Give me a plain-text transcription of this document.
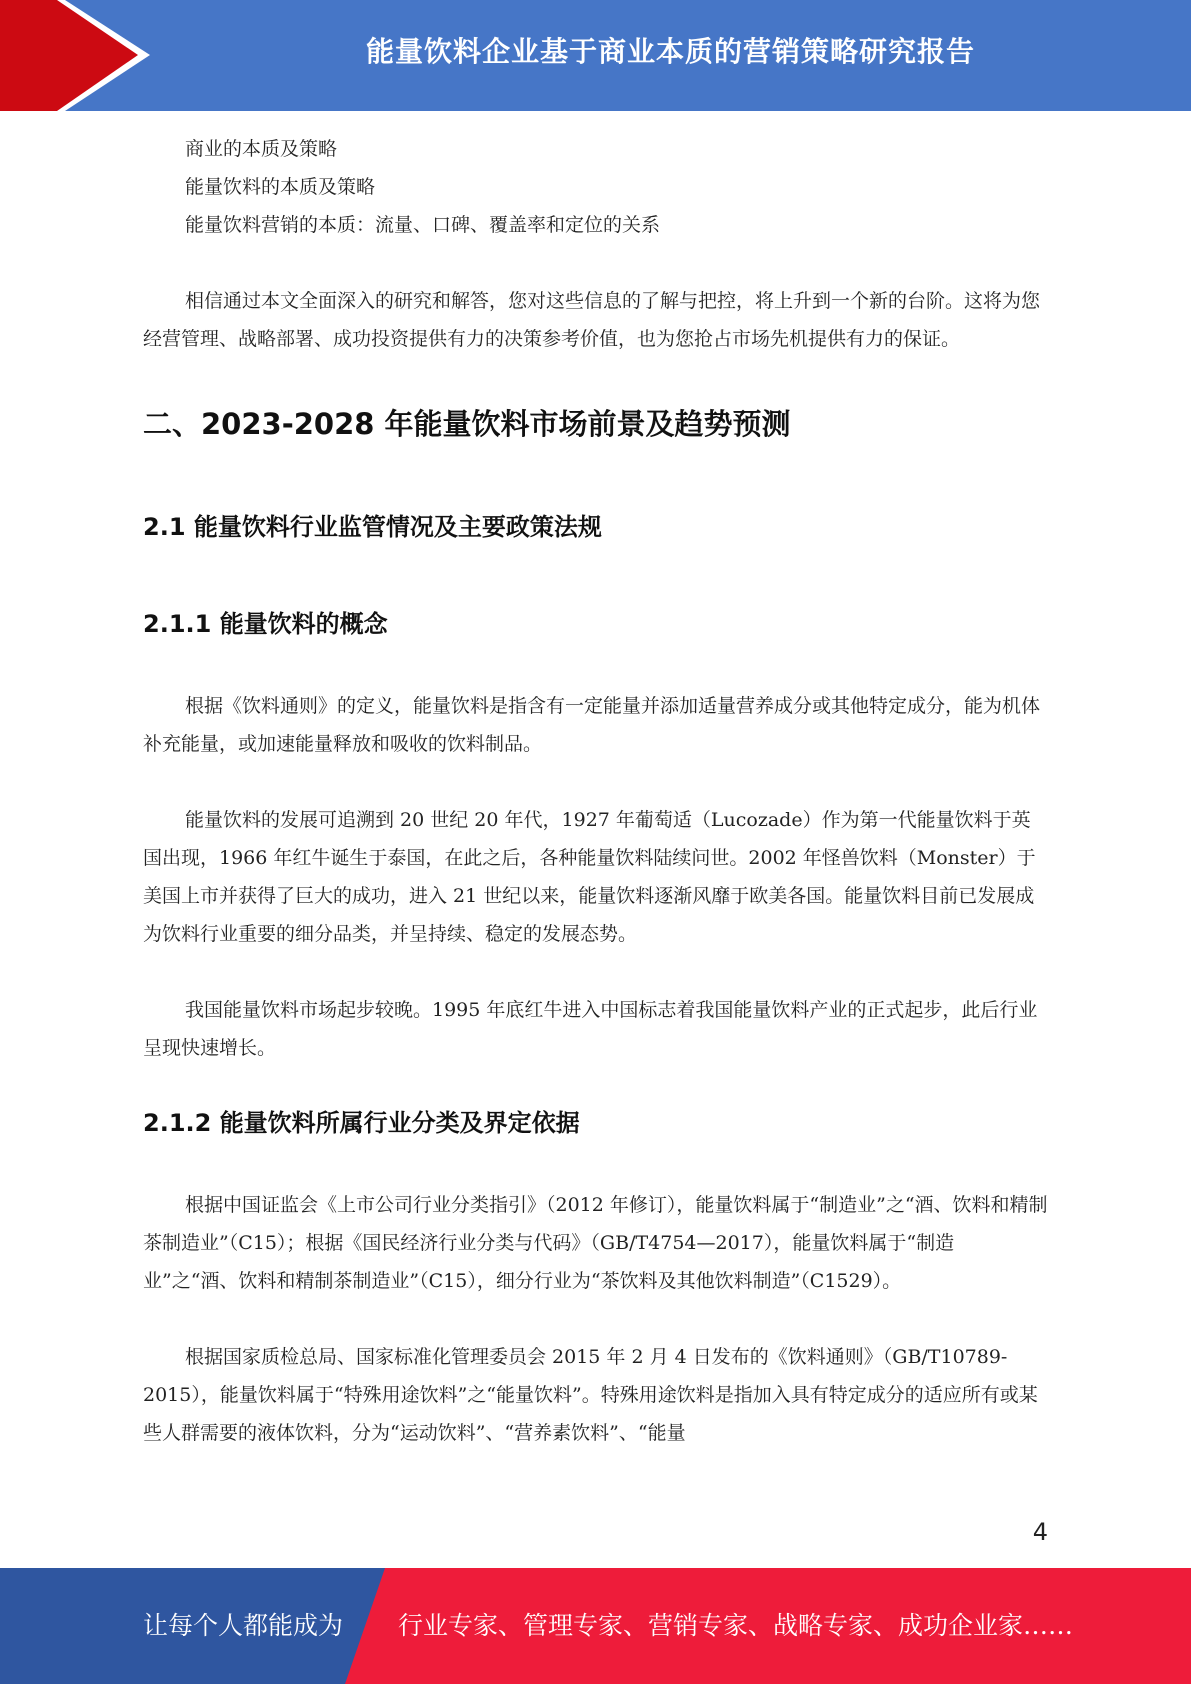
能量饮料企业基于商业本质的营销策略研究报告

商业的本质及策略

能量饮料的本质及策略

能量饮料营销的本质：流量、口碑、覆盖率和定位的关系

相信通过本文全面深入的研究和解答，您对这些信息的了解与把控，将上升到一个新的台阶。这将为您经营管理、战略部署、成功投资提供有力的决策参考价值，也为您抢占市场先机提供有力的保证。

二、2023-2028 年能量饮料市场前景及趋势预测
2.1 能量饮料行业监管情况及主要政策法规
2.1.1 能量饮料的概念

根据《饮料通则》的定义，能量饮料是指含有一定能量并添加适量营养成分或其他特定成分，能为机体补充能量，或加速能量释放和吸收的饮料制品。

能量饮料的发展可追溯到 20 世纪 20 年代，1927 年葡萄适（Lucozade）作为第一代能量饮料于英国出现，1966 年红牛诞生于泰国，在此之后，各种能量饮料陆续问世。2002 年怪兽饮料（Monster）于美国上市并获得了巨大的成功，进入 21 世纪以来，能量饮料逐渐风靡于欧美各国。能量饮料目前已发展成为饮料行业重要的细分品类，并呈持续、稳定的发展态势。

我国能量饮料市场起步较晚。1995 年底红牛进入中国标志着我国能量饮料产业的正式起步，此后行业呈现快速增长。

2.1.2 能量饮料所属行业分类及界定依据

根据中国证监会《上市公司行业分类指引》（2012 年修订），能量饮料属于“制造业”之“酒、饮料和精制茶制造业”（C15）；根据《国民经济行业分类与代码》（GB/T4754—2017），能量饮料属于“制造业”之“酒、饮料和精制茶制造业”（C15），细分行业为“茶饮料及其他饮料制造”（C1529）。

根据国家质检总局、国家标准化管理委员会 2015 年 2 月 4 日发布的《饮料通则》（GB/T10789-2015），能量饮料属于“特殊用途饮料”之“能量饮料”。特殊用途饮料是指加入具有特定成分的适应所有或某些人群需要的液体饮料，分为“运动饮料”、“营养素饮料”、“能量

4
让每个人都能成为 行业专家、管理专家、营销专家、战略专家、成功企业家……
